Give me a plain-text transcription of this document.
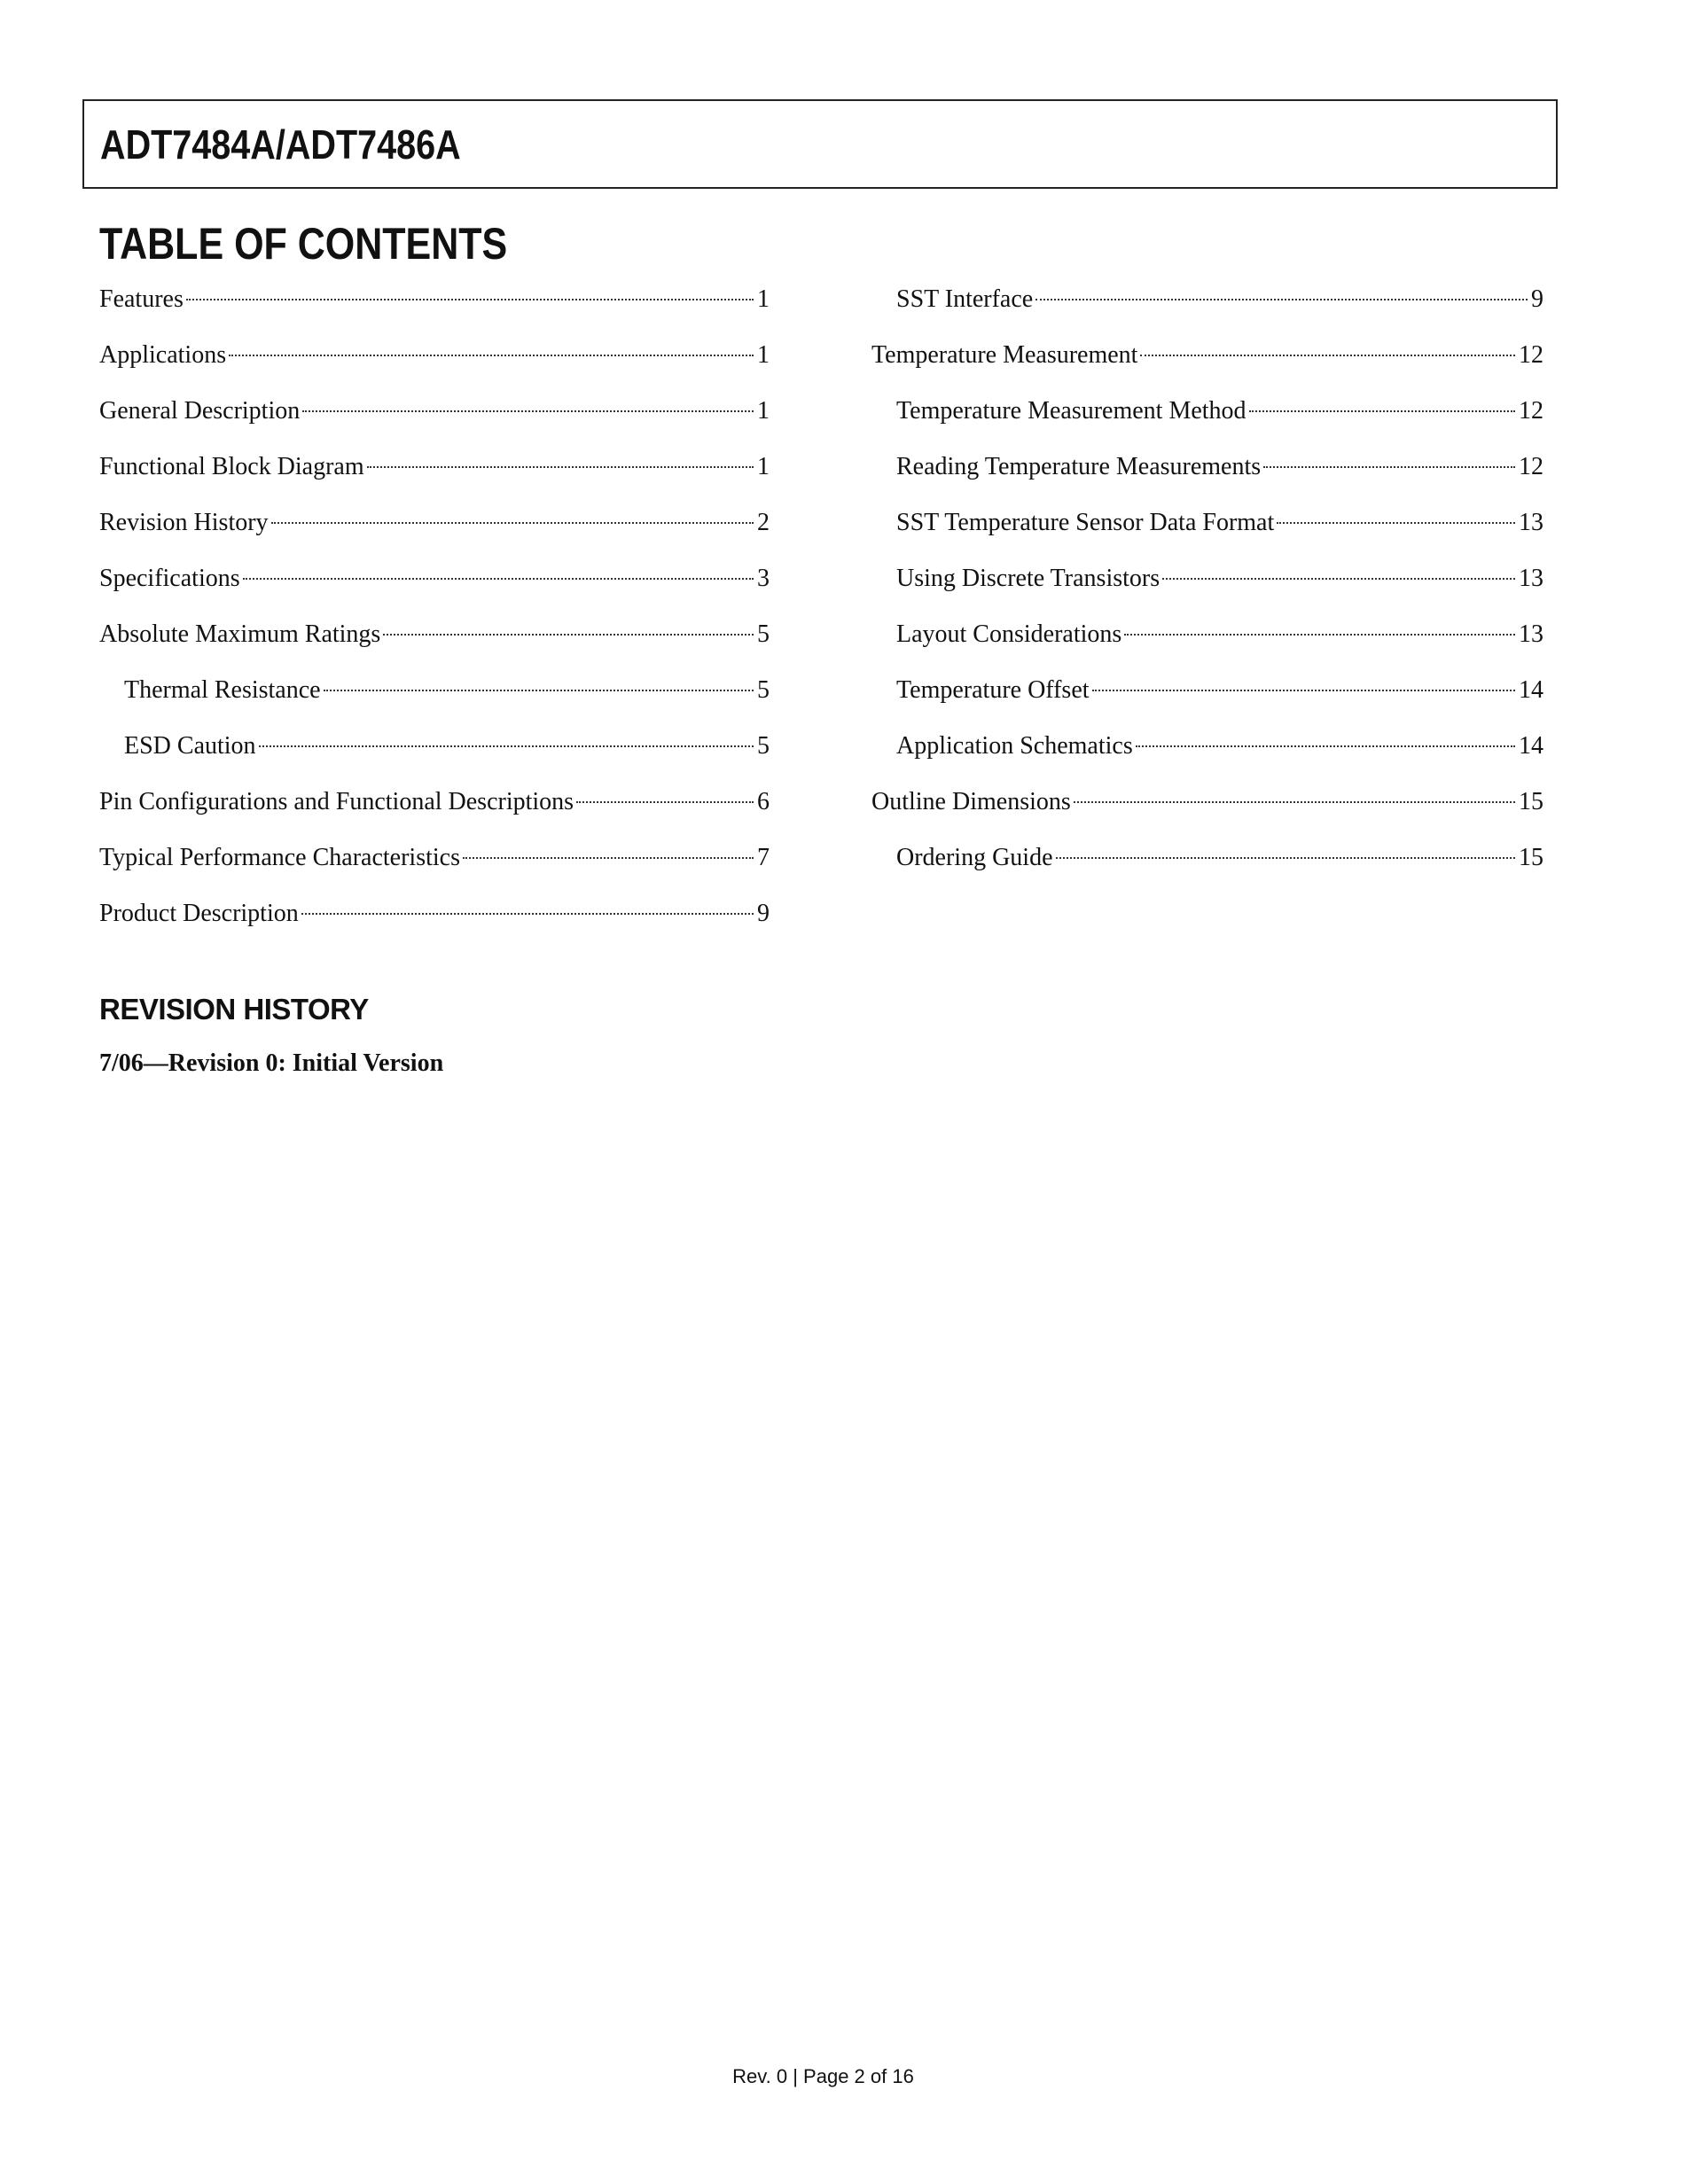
ADT7484A/ADT7486A
TABLE OF CONTENTS
Features	1
Applications	1
General Description	1
Functional Block Diagram	1
Revision History	2
Specifications	3
Absolute Maximum Ratings	5
Thermal Resistance	5
ESD Caution	5
Pin Configurations and Functional Descriptions	6
Typical Performance Characteristics	7
Product Description	9
SST Interface	9
Temperature Measurement	12
Temperature Measurement Method	12
Reading Temperature Measurements	12
SST Temperature Sensor Data Format	13
Using Discrete Transistors	13
Layout Considerations	13
Temperature Offset	14
Application Schematics	14
Outline Dimensions	15
Ordering Guide	15
REVISION HISTORY

7/06—Revision 0: Initial Version

Rev. 0 | Page 2 of 16
